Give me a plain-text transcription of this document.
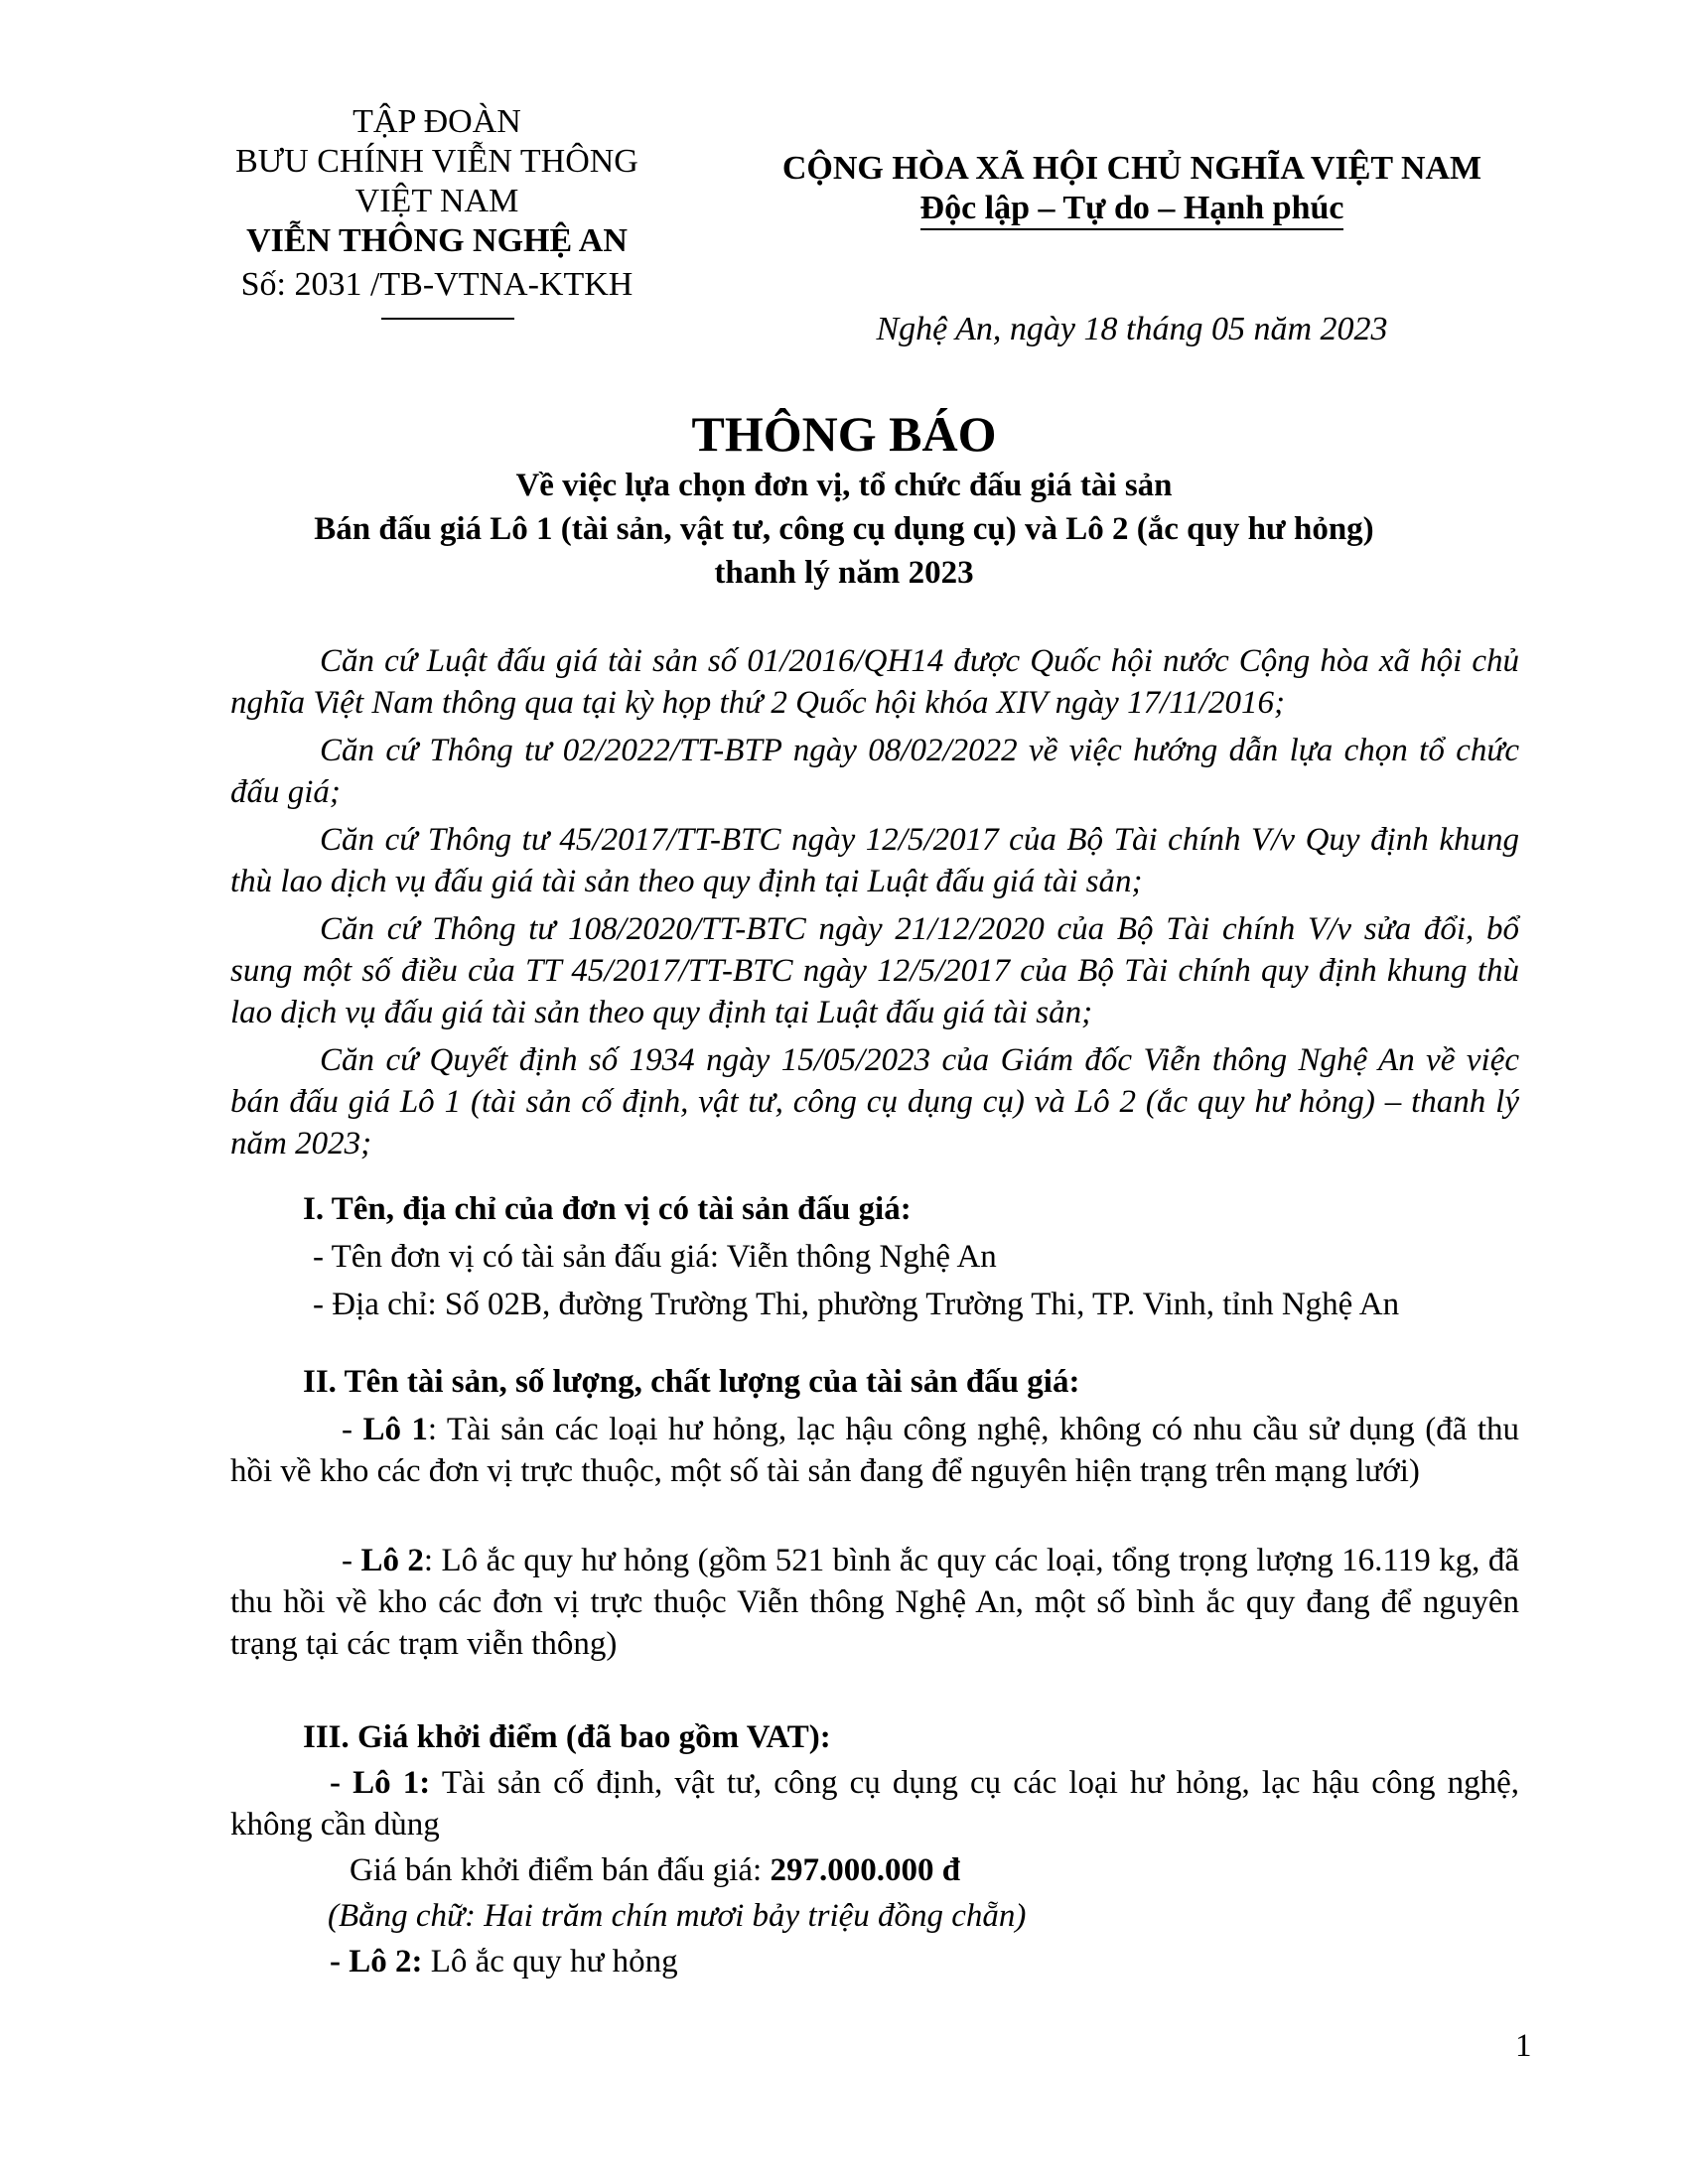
TẬP ĐOÀN
BƯU CHÍNH VIỄN THÔNG
VIỆT NAM
VIỄN THÔNG NGHỆ AN
Số: 2031 /TB-VTNA-KTKH
CỘNG HÒA XÃ HỘI CHỦ NGHĨA VIỆT NAM
Độc lập – Tự do – Hạnh phúc
Nghệ An, ngày 18 tháng 05 năm 2023
THÔNG BÁO
Về việc lựa chọn đơn vị, tổ chức đấu giá tài sản
Bán đấu giá Lô 1 (tài sản, vật tư, công cụ dụng cụ) và Lô 2 (ắc quy hư hỏng)
thanh lý năm 2023
Căn cứ Luật đấu giá tài sản số 01/2016/QH14 được Quốc hội nước Cộng hòa xã hội chủ nghĩa Việt Nam thông qua tại kỳ họp thứ 2 Quốc hội khóa XIV ngày 17/11/2016;
Căn cứ Thông tư 02/2022/TT-BTP ngày 08/02/2022 về việc hướng dẫn lựa chọn tổ chức đấu giá;
Căn cứ Thông tư 45/2017/TT-BTC ngày 12/5/2017 của Bộ Tài chính V/v Quy định khung thù lao dịch vụ đấu giá tài sản theo quy định tại Luật đấu giá tài sản;
Căn cứ Thông tư 108/2020/TT-BTC ngày 21/12/2020 của Bộ Tài chính V/v sửa đổi, bổ sung một số điều của TT 45/2017/TT-BTC ngày 12/5/2017 của Bộ Tài chính quy định khung thù lao dịch vụ đấu giá tài sản theo quy định tại Luật đấu giá tài sản;
Căn cứ Quyết định số 1934 ngày 15/05/2023 của Giám đốc Viễn thông Nghệ An về việc bán đấu giá Lô 1 (tài sản cố định, vật tư, công cụ dụng cụ) và Lô 2 (ắc quy hư hỏng) – thanh lý năm 2023;
I. Tên, địa chỉ của đơn vị có tài sản đấu giá:
- Tên đơn vị có tài sản đấu giá: Viễn thông Nghệ An
- Địa chỉ: Số 02B, đường Trường Thi, phường Trường Thi, TP. Vinh, tỉnh Nghệ An
II. Tên tài sản, số lượng, chất lượng của tài sản đấu giá:
- Lô 1: Tài sản các loại hư hỏng, lạc hậu công nghệ, không có nhu cầu sử dụng (đã thu hồi về kho các đơn vị trực thuộc, một số tài sản đang để nguyên hiện trạng trên mạng lưới)
- Lô 2: Lô ắc quy hư hỏng (gồm 521 bình ắc quy các loại, tổng trọng lượng 16.119 kg, đã thu hồi về kho các đơn vị trực thuộc Viễn thông Nghệ An, một số bình ắc quy đang để nguyên trạng tại các trạm viễn thông)
III. Giá khởi điểm (đã bao gồm VAT):
- Lô 1: Tài sản cố định, vật tư, công cụ dụng cụ các loại hư hỏng, lạc hậu công nghệ, không cần dùng
Giá bán khởi điểm bán đấu giá: 297.000.000 đ
(Bằng chữ: Hai trăm chín mươi bảy triệu đồng chẵn)
- Lô 2: Lô ắc quy hư hỏng
1
